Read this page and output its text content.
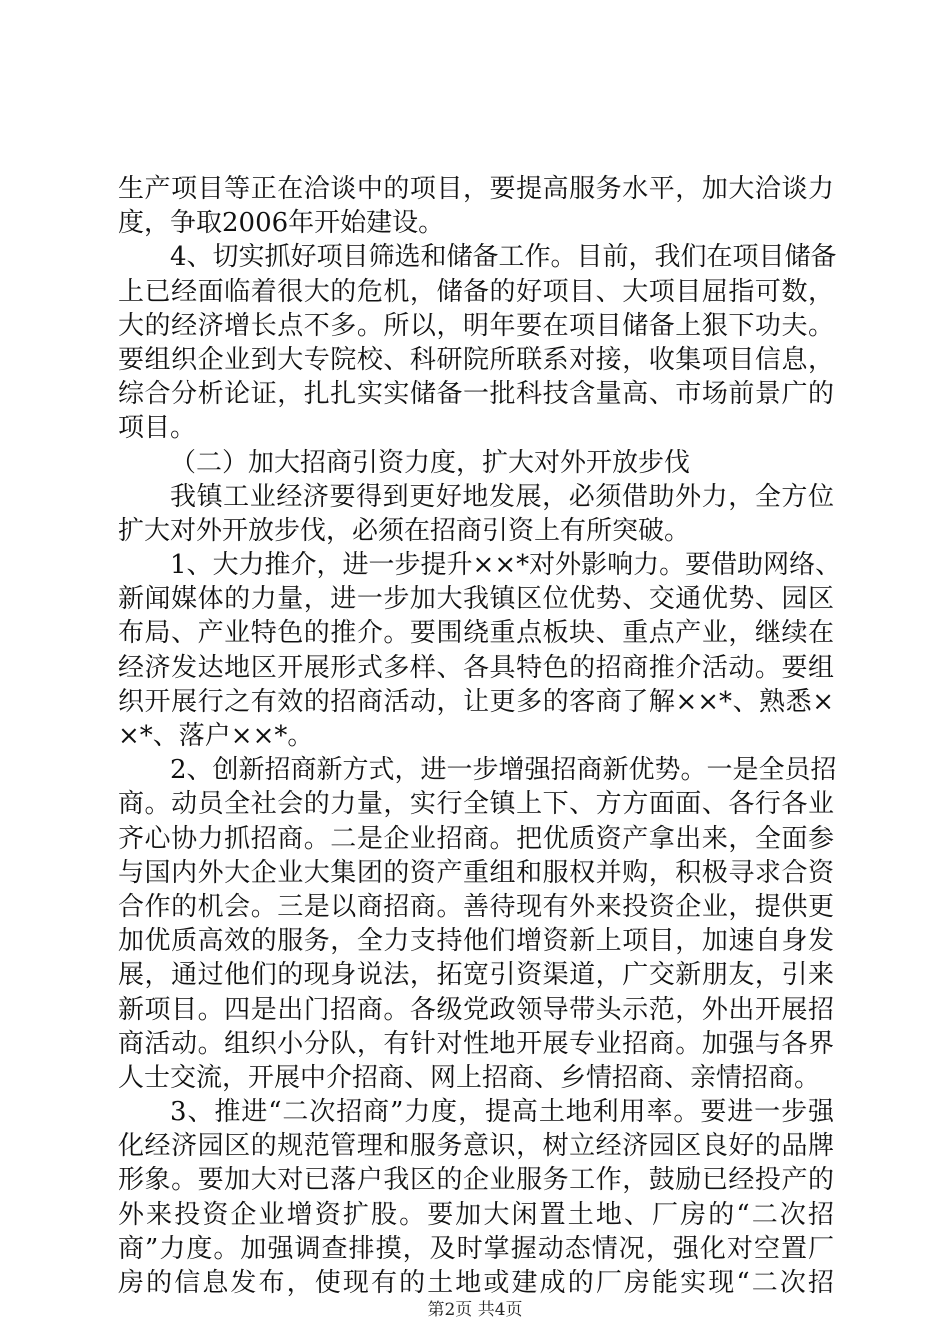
生产项目等正在洽谈中的项目，要提高服务水平，加大洽谈力
度，争取2006年开始建设。
4、切实抓好项目筛选和储备工作。目前，我们在项目储备
上已经面临着很大的危机，储备的好项目、大项目屈指可数，
大的经济增长点不多。所以，明年要在项目储备上狠下功夫。
要组织企业到大专院校、科研院所联系对接，收集项目信息，
综合分析论证，扎扎实实储备一批科技含量高、市场前景广的
项目。
（二）加大招商引资力度，扩大对外开放步伐
我镇工业经济要得到更好地发展，必须借助外力，全方位
扩大对外开放步伐，必须在招商引资上有所突破。
1、大力推介，进一步提升××*对外影响力。要借助网络、
新闻媒体的力量，进一步加大我镇区位优势、交通优势、园区
布局、产业特色的推介。要围绕重点板块、重点产业，继续在
经济发达地区开展形式多样、各具特色的招商推介活动。要组
织开展行之有效的招商活动，让更多的客商了解××*、熟悉×
×*、落户××*。
2、创新招商新方式，进一步增强招商新优势。一是全员招
商。动员全社会的力量，实行全镇上下、方方面面、各行各业
齐心协力抓招商。二是企业招商。把优质资产拿出来，全面参
与国内外大企业大集团的资产重组和服权并购，积极寻求合资
合作的机会。三是以商招商。善待现有外来投资企业，提供更
加优质高效的服务，全力支持他们增资新上项目，加速自身发
展，通过他们的现身说法，拓宽引资渠道，广交新朋友，引来
新项目。四是出门招商。各级党政领导带头示范，外出开展招
商活动。组织小分队，有针对性地开展专业招商。加强与各界
人士交流，开展中介招商、网上招商、乡情招商、亲情招商。
3、推进“二次招商”力度，提高土地利用率。要进一步强
化经济园区的规范管理和服务意识，树立经济园区良好的品牌
形象。要加大对已落户我区的企业服务工作，鼓励已经投产的
外来投资企业增资扩股。要加大闲置土地、厂房的“二次招
商”力度。加强调查排摸，及时掌握动态情况，强化对空置厂
房的信息发布，使现有的土地或建成的厂房能实现“二次招
第2页 共4页
